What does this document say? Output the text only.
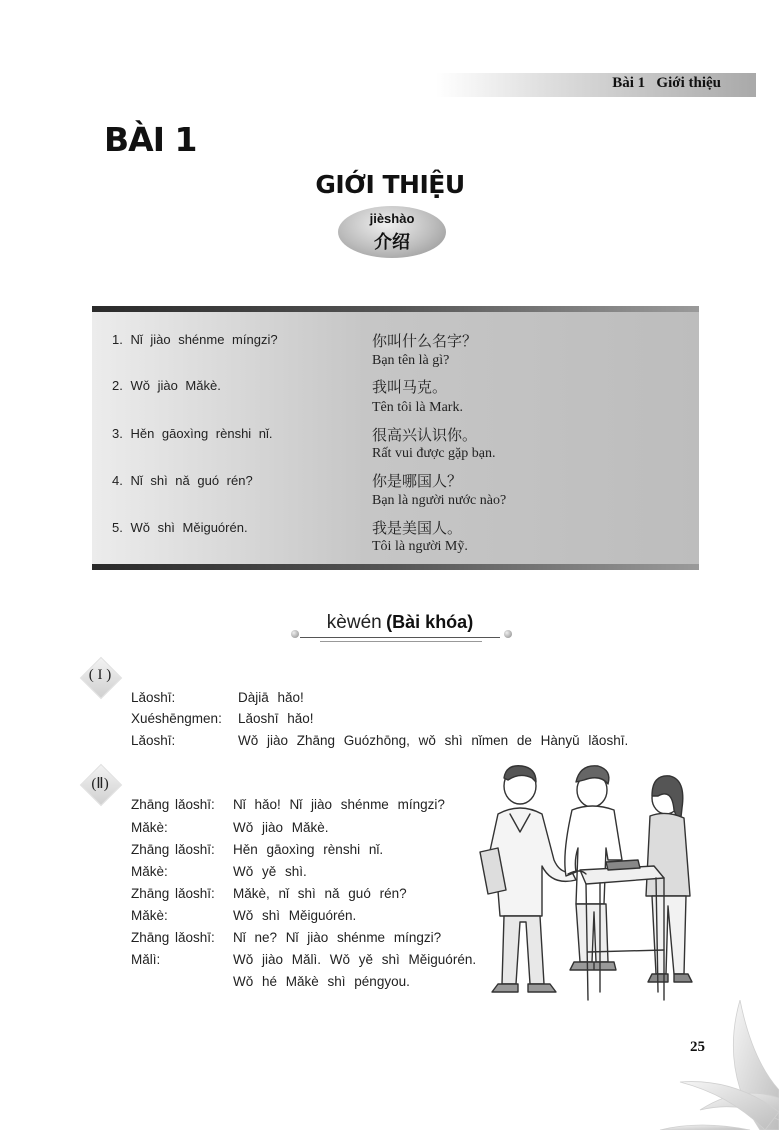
Bài 1   Giới thiệu
BÀI 1
GIỚI THIỆU
jièshào
介绍
1. Nǐ jiào shénme míngzi?	你叫什么名字？
Bạn tên là gì?
2. Wǒ jiào Mǎkè.	我叫马克。
Tên tôi là Mark.
3. Hěn gāoxìng rènshi nǐ.	很高兴认识你。
Rất vui được gặp bạn.
4. Nǐ shì nǎ guó rén?	你是哪国人？
Bạn là người nước nào?
5. Wǒ shì Měiguórén.	我是美国人。
Tôi là người Mỹ.
kèwén (Bài khóa)
( I )
Lǎoshī:	Dàjiā hǎo!
Xuéshēngmen: Lǎoshī hǎo!
Lǎoshī:	Wǒ jiào Zhāng Guózhōng, wǒ shì nǐmen de Hànyǔ lǎoshī.
(Ⅱ)
Zhāng lǎoshī: Nǐ hǎo! Nǐ jiào shénme míngzi?
Mǎkè:	Wǒ jiào Mǎkè.
Zhāng lǎoshī: Hěn gāoxìng rènshi nǐ.
Mǎkè:	Wǒ yě shì.
Zhāng lǎoshī: Mǎkè, nǐ shì nǎ guó rén?
Mǎkè:	Wǒ shì Měiguórén.
Zhāng lǎoshī: Nǐ ne? Nǐ jiào shénme míngzi?
Mǎlì:	Wǒ jiào Mǎlì. Wǒ yě shì Měiguórén.
Wǒ hé Mǎkè shì péngyou.
25
